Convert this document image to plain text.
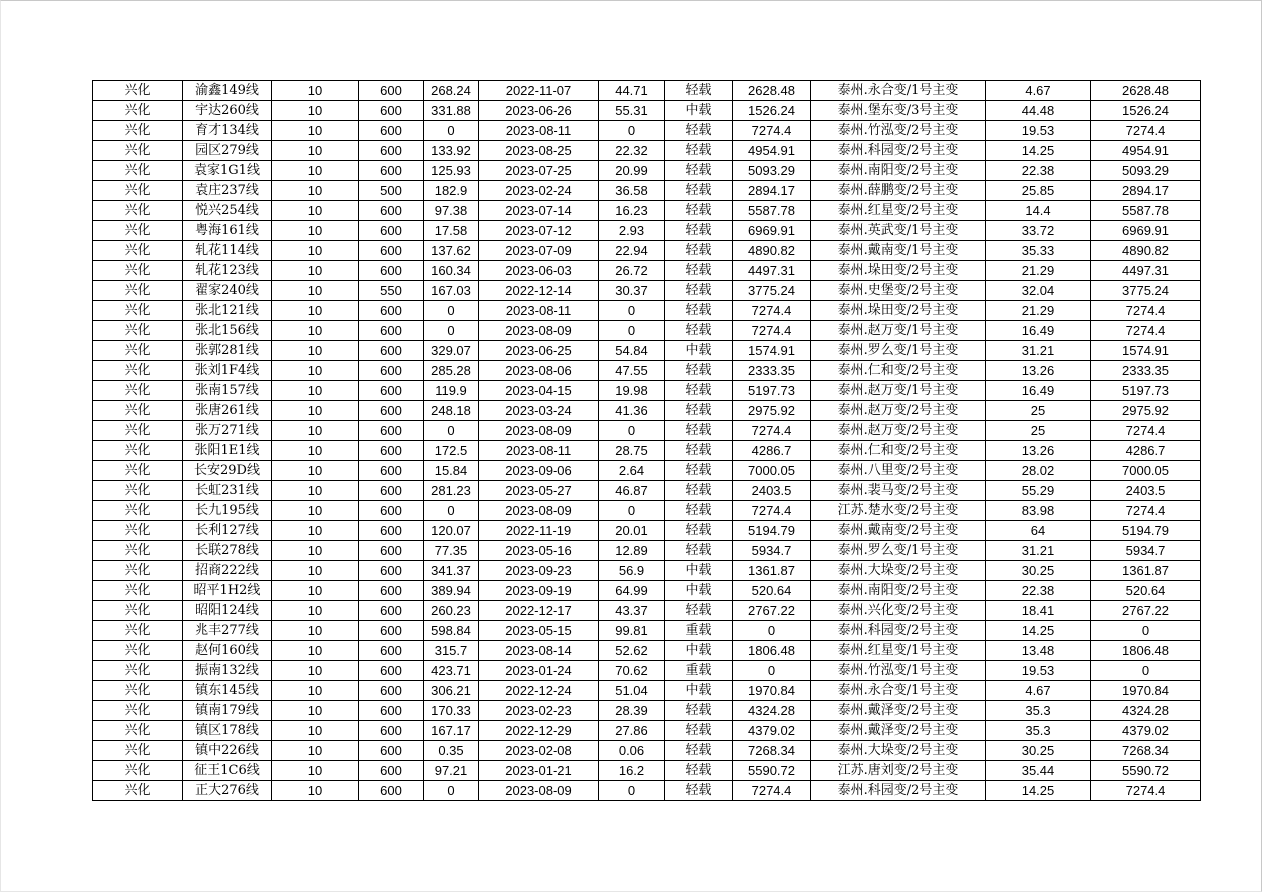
兴化	渝鑫149线	10	600	268.24	2022-11-07	44.71	轻载	2628.48	泰州.永合变/1号主变	4.67	2628.48
兴化	宇达260线	10	600	331.88	2023-06-26	55.31	中载	1526.24	泰州.堡东变/3号主变	44.48	1526.24
兴化	育才134线	10	600	0	2023-08-11	0	轻载	7274.4	泰州.竹泓变/2号主变	19.53	7274.4
兴化	园区279线	10	600	133.92	2023-08-25	22.32	轻载	4954.91	泰州.科园变/2号主变	14.25	4954.91
兴化	袁家1G1线	10	600	125.93	2023-07-25	20.99	轻载	5093.29	泰州.南阳变/2号主变	22.38	5093.29
兴化	袁庄237线	10	500	182.9	2023-02-24	36.58	轻载	2894.17	泰州.薛鹏变/2号主变	25.85	2894.17
兴化	悦兴254线	10	600	97.38	2023-07-14	16.23	轻载	5587.78	泰州.红星变/2号主变	14.4	5587.78
兴化	粤海161线	10	600	17.58	2023-07-12	2.93	轻载	6969.91	泰州.英武变/1号主变	33.72	6969.91
兴化	轧花114线	10	600	137.62	2023-07-09	22.94	轻载	4890.82	泰州.戴南变/1号主变	35.33	4890.82
兴化	轧花123线	10	600	160.34	2023-06-03	26.72	轻载	4497.31	泰州.垛田变/2号主变	21.29	4497.31
兴化	翟家240线	10	550	167.03	2022-12-14	30.37	轻载	3775.24	泰州.史堡变/2号主变	32.04	3775.24
兴化	张北121线	10	600	0	2023-08-11	0	轻载	7274.4	泰州.垛田变/2号主变	21.29	7274.4
兴化	张北156线	10	600	0	2023-08-09	0	轻载	7274.4	泰州.赵万变/1号主变	16.49	7274.4
兴化	张郭281线	10	600	329.07	2023-06-25	54.84	中载	1574.91	泰州.罗么变/1号主变	31.21	1574.91
兴化	张刘1F4线	10	600	285.28	2023-08-06	47.55	轻载	2333.35	泰州.仁和变/2号主变	13.26	2333.35
兴化	张南157线	10	600	119.9	2023-04-15	19.98	轻载	5197.73	泰州.赵万变/1号主变	16.49	5197.73
兴化	张唐261线	10	600	248.18	2023-03-24	41.36	轻载	2975.92	泰州.赵万变/2号主变	25	2975.92
兴化	张万271线	10	600	0	2023-08-09	0	轻载	7274.4	泰州.赵万变/2号主变	25	7274.4
兴化	张阳1E1线	10	600	172.5	2023-08-11	28.75	轻载	4286.7	泰州.仁和变/2号主变	13.26	4286.7
兴化	长安29D线	10	600	15.84	2023-09-06	2.64	轻载	7000.05	泰州.八里变/2号主变	28.02	7000.05
兴化	长虹231线	10	600	281.23	2023-05-27	46.87	轻载	2403.5	泰州.裴马变/2号主变	55.29	2403.5
兴化	长九195线	10	600	0	2023-08-09	0	轻载	7274.4	江苏.楚水变/2号主变	83.98	7274.4
兴化	长利127线	10	600	120.07	2022-11-19	20.01	轻载	5194.79	泰州.戴南变/2号主变	64	5194.79
兴化	长联278线	10	600	77.35	2023-05-16	12.89	轻载	5934.7	泰州.罗么变/1号主变	31.21	5934.7
兴化	招商222线	10	600	341.37	2023-09-23	56.9	中载	1361.87	泰州.大垛变/2号主变	30.25	1361.87
兴化	昭平1H2线	10	600	389.94	2023-09-19	64.99	中载	520.64	泰州.南阳变/2号主变	22.38	520.64
兴化	昭阳124线	10	600	260.23	2022-12-17	43.37	轻载	2767.22	泰州.兴化变/2号主变	18.41	2767.22
兴化	兆丰277线	10	600	598.84	2023-05-15	99.81	重载	0	泰州.科园变/2号主变	14.25	0
兴化	赵何160线	10	600	315.7	2023-08-14	52.62	中载	1806.48	泰州.红星变/1号主变	13.48	1806.48
兴化	振南132线	10	600	423.71	2023-01-24	70.62	重载	0	泰州.竹泓变/1号主变	19.53	0
兴化	镇东145线	10	600	306.21	2022-12-24	51.04	中载	1970.84	泰州.永合变/1号主变	4.67	1970.84
兴化	镇南179线	10	600	170.33	2023-02-23	28.39	轻载	4324.28	泰州.戴泽变/2号主变	35.3	4324.28
兴化	镇区178线	10	600	167.17	2022-12-29	27.86	轻载	4379.02	泰州.戴泽变/2号主变	35.3	4379.02
兴化	镇中226线	10	600	0.35	2023-02-08	0.06	轻载	7268.34	泰州.大垛变/2号主变	30.25	7268.34
兴化	征王1C6线	10	600	97.21	2023-01-21	16.2	轻载	5590.72	江苏.唐刘变/2号主变	35.44	5590.72
兴化	正大276线	10	600	0	2023-08-09	0	轻载	7274.4	泰州.科园变/2号主变	14.25	7274.4
